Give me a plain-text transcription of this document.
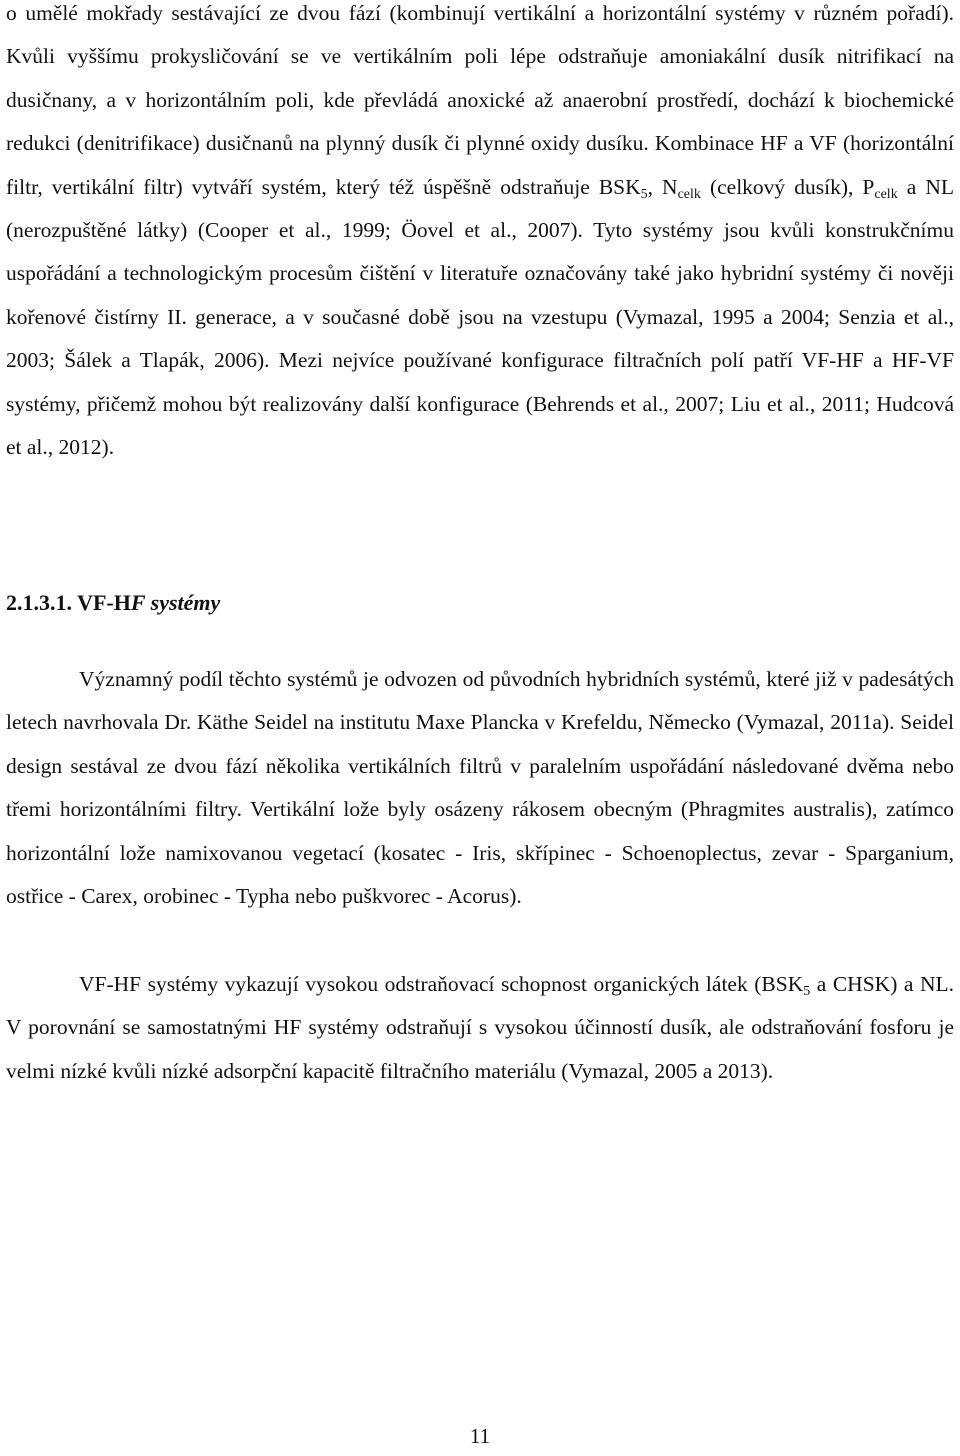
o umělé mokřady sestávající ze dvou fází (kombinují vertikální a horizontální systémy v různém pořadí). Kvůli vyššímu prokysličování se ve vertikálním poli lépe odstraňuje amoniakální dusík nitrifikací na dusičnany, a v horizontálním poli, kde převládá anoxické až anaerobní prostředí, dochází k biochemické redukci (denitrifikace) dusičnanů na plynný dusík či plynné oxidy dusíku. Kombinace HF a VF (horizontální filtr, vertikální filtr) vytváří systém, který též úspěšně odstraňuje $BSK_5$, $N_{celk}$ (celkový dusík), $P_{celk}$ a NL (nerozpuštěné látky) (Cooper et al., 1999; Öovel et al., 2007). Tyto systémy jsou kvůli konstrukčnímu uspořádání a technologickým procesům čištění v literatuře označovány také jako hybridní systémy či nověji kořenové čistírny II. generace, a v současné době jsou na vzestupu (Vymazal, 1995 a 2004; Senzia et al., 2003; Šálek a Tlapák, 2006). Mezi nejvíce používané konfigurace filtračních polí patří VF-HF a HF-VF systémy, přičemž mohou být realizovány další konfigurace (Behrends et al., 2007; Liu et al., 2011; Hudcová et al., 2012).

2.1.3.1. VF-HF systémy

Významný podíl těchto systémů je odvozen od původních hybridních systémů, které již v padesátých letech navrhovala Dr. Käthe Seidel na institutu Maxe Plancka v Krefeldu, Německo (Vymazal, 2011a). Seidel design sestával ze dvou fází několika vertikálních filtrů v paralelním uspořádání následované dvěma nebo třemi horizontálními filtry. Vertikální lože byly osázeny rákosem obecným (Phragmites australis), zatímco horizontální lože namixovanou vegetací (kosatec - Iris, skřípinec - Schoenoplectus, zevar - Sparganium, ostřice - Carex, orobinec - Typha nebo puškvorec - Acorus).

VF-HF systémy vykazují vysokou odstraňovací schopnost organických látek ($BSK_5$ a CHSK) a NL. V porovnání se samostatnými HF systémy odstraňují s vysokou účinností dusík, ale odstraňování fosforu je velmi nízké kvůli nízké adsorpční kapacitě filtračního materiálu (Vymazal, 2005 a 2013).

11
